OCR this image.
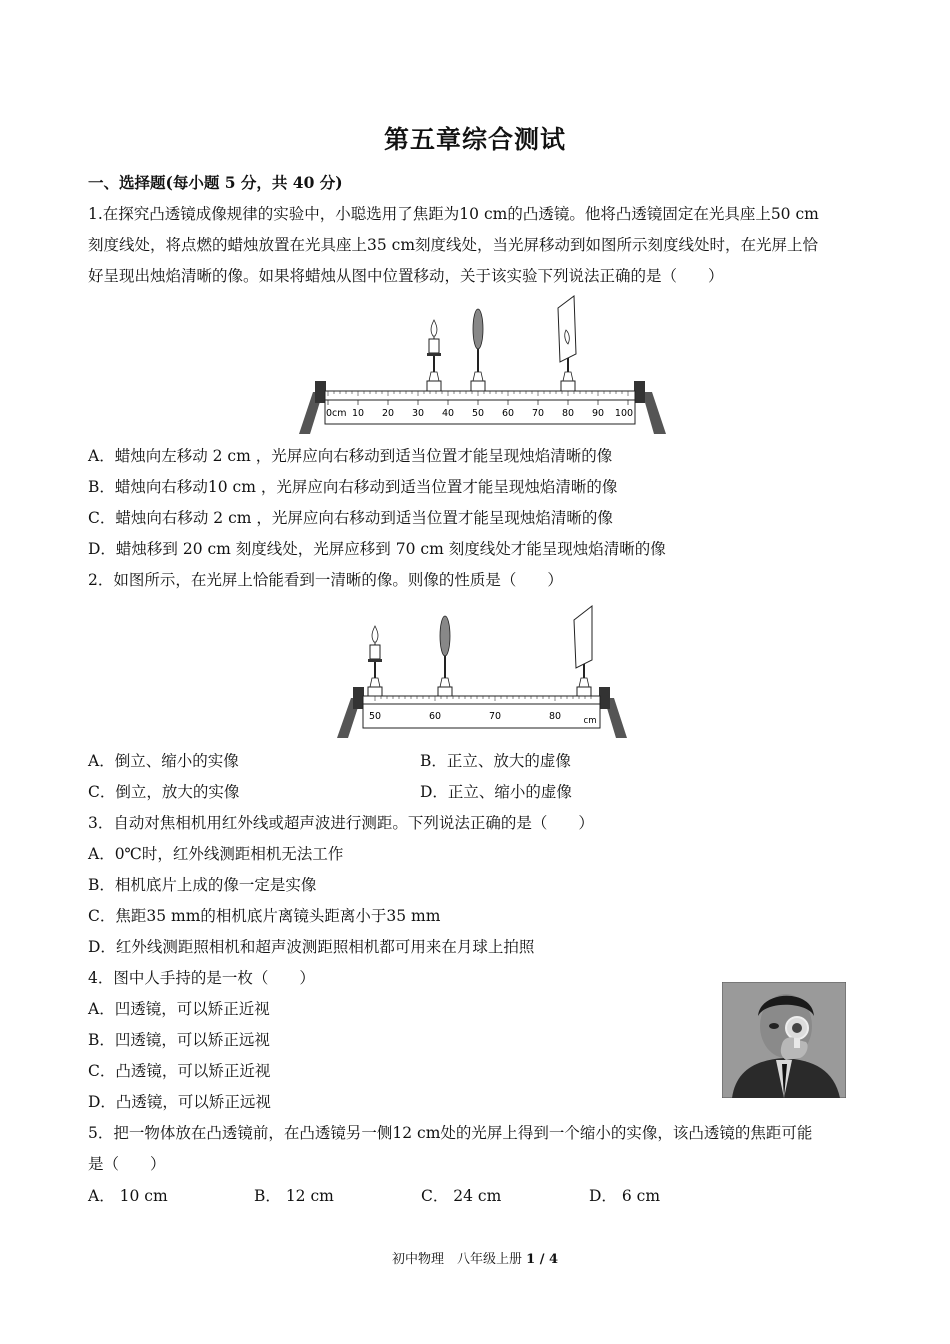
第五章综合测试
一、选择题(每小题 5 分，共 40 分)
1.在探究凸透镜成像规律的实验中，小聪选用了焦距为10 cm的凸透镜。他将凸透镜固定在光具座上50 cm
刻度线处，将点燃的蜡烛放置在光具座上35 cm刻度线处，当光屏移动到如图所示刻度线处时，在光屏上恰
好呈现出烛焰清晰的像。如果将蜡烛从图中位置移动，关于该实验下列说法正确的是（　　）
0cm 10 20 30 40 50 60 70 80 90 100
A．蜡烛向左移动 2 cm ，光屏应向右移动到适当位置才能呈现烛焰清晰的像
B．蜡烛向右移动10 cm ，光屏应向右移动到适当位置才能呈现烛焰清晰的像
C．蜡烛向右移动 2 cm ，光屏应向右移动到适当位置才能呈现烛焰清晰的像
D．蜡烛移到 20 cm 刻度线处，光屏应移到 70 cm 刻度线处才能呈现烛焰清晰的像
2．如图所示，在光屏上恰能看到一清晰的像。则像的性质是（　　）
50	60	70	80	cm
A．倒立、缩小的实像	B．正立、放大的虚像
C．倒立，放大的实像	D．正立、缩小的虚像
3．自动对焦相机用红外线或超声波进行测距。下列说法正确的是（　　）
A．0℃时，红外线测距相机无法工作
B．相机底片上成的像一定是实像
C．焦距35 mm的相机底片离镜头距离小于35 mm
D．红外线测距照相机和超声波测距照相机都可用来在月球上拍照
4．图中人手持的是一枚（　　）
A．凹透镜，可以矫正近视
B．凹透镜，可以矫正远视
C．凸透镜，可以矫正近视
D．凸透镜，可以矫正远视
5．把一物体放在凸透镜前，在凸透镜另一侧12 cm处的光屏上得到一个缩小的实像，该凸透镜的焦距可能
是（　　）
A． 10 cm	B． 12 cm	C． 24 cm	D． 6 cm
初中物理　八年级上册 1 / 4
